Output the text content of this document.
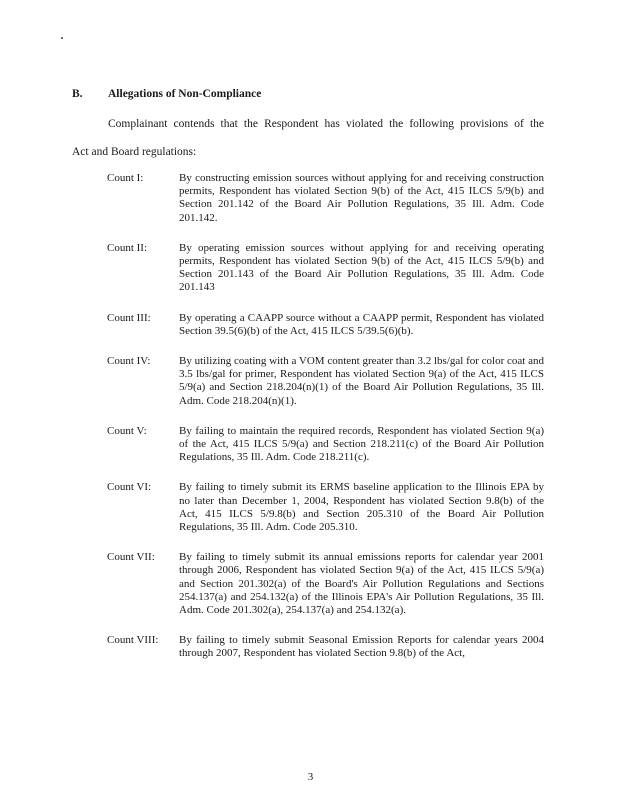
B. Allegations of Non-Compliance
Complainant contends that the Respondent has violated the following provisions of the
Act and Board regulations:
Count I:	By constructing emission sources without applying for and receiving construction permits, Respondent has violated Section 9(b) of the Act, 415 ILCS 5/9(b) and Section 201.142 of the Board Air Pollution Regulations, 35 Ill. Adm. Code 201.142.
Count II:	By operating emission sources without applying for and receiving operating permits, Respondent has violated Section 9(b) of the Act, 415 ILCS 5/9(b) and Section 201.143 of the Board Air Pollution Regulations, 35 Ill. Adm. Code 201.143
Count III:	By operating a CAAPP source without a CAAPP permit, Respondent has violated Section 39.5(6)(b) of the Act, 415 ILCS 5/39.5(6)(b).
Count IV:	By utilizing coating with a VOM content greater than 3.2 lbs/gal for color coat and 3.5 lbs/gal for primer, Respondent has violated Section 9(a) of the Act, 415 ILCS 5/9(a) and Section 218.204(n)(1) of the Board Air Pollution Regulations, 35 Ill. Adm. Code 218.204(n)(1).
Count V:	By failing to maintain the required records, Respondent has violated Section 9(a) of the Act, 415 ILCS 5/9(a) and Section 218.211(c) of the Board Air Pollution Regulations, 35 Ill. Adm. Code 218.211(c).
Count VI:	By failing to timely submit its ERMS baseline application to the Illinois EPA by no later than December 1, 2004, Respondent has violated Section 9.8(b) of the Act, 415 ILCS 5/9.8(b) and Section 205.310 of the Board Air Pollution Regulations, 35 Ill. Adm. Code 205.310.
Count VII:	By failing to timely submit its annual emissions reports for calendar year 2001 through 2006, Respondent has violated Section 9(a) of the Act, 415 ILCS 5/9(a) and Section 201.302(a) of the Board's Air Pollution Regulations and Sections 254.137(a) and 254.132(a) of the Illinois EPA's Air Pollution Regulations, 35 Ill. Adm. Code 201.302(a), 254.137(a) and 254.132(a).
Count VIII:	By failing to timely submit Seasonal Emission Reports for calendar years 2004 through 2007, Respondent has violated Section 9.8(b) of the Act,
3
